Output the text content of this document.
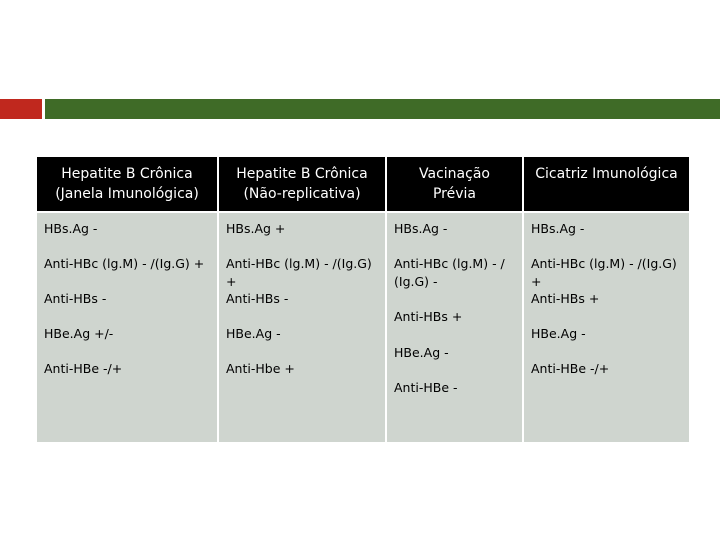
Hepatite B Crônica (Janela Imunológica)
HBs.Ag -
Anti-HBc (lg.M) - /(Ig.G) +
Anti-HBs -
HBe.Ag +/-
Anti-HBe -/+
Hepatite B Crônica (Não-replicativa)
HBs.Ag +
Anti-HBc (lg.M) - /(Ig.G) +
Anti-HBs -
HBe.Ag -
Anti-Hbe +
Vacinação Prévia
HBs.Ag -
Anti-HBc (lg.M) - / (Ig.G) -
Anti-HBs +
HBe.Ag -
Anti-HBe -
Cicatriz Imunológica
HBs.Ag -
Anti-HBc (lg.M) - /(Ig.G) +
Anti-HBs +
HBe.Ag -
Anti-HBe -/+
